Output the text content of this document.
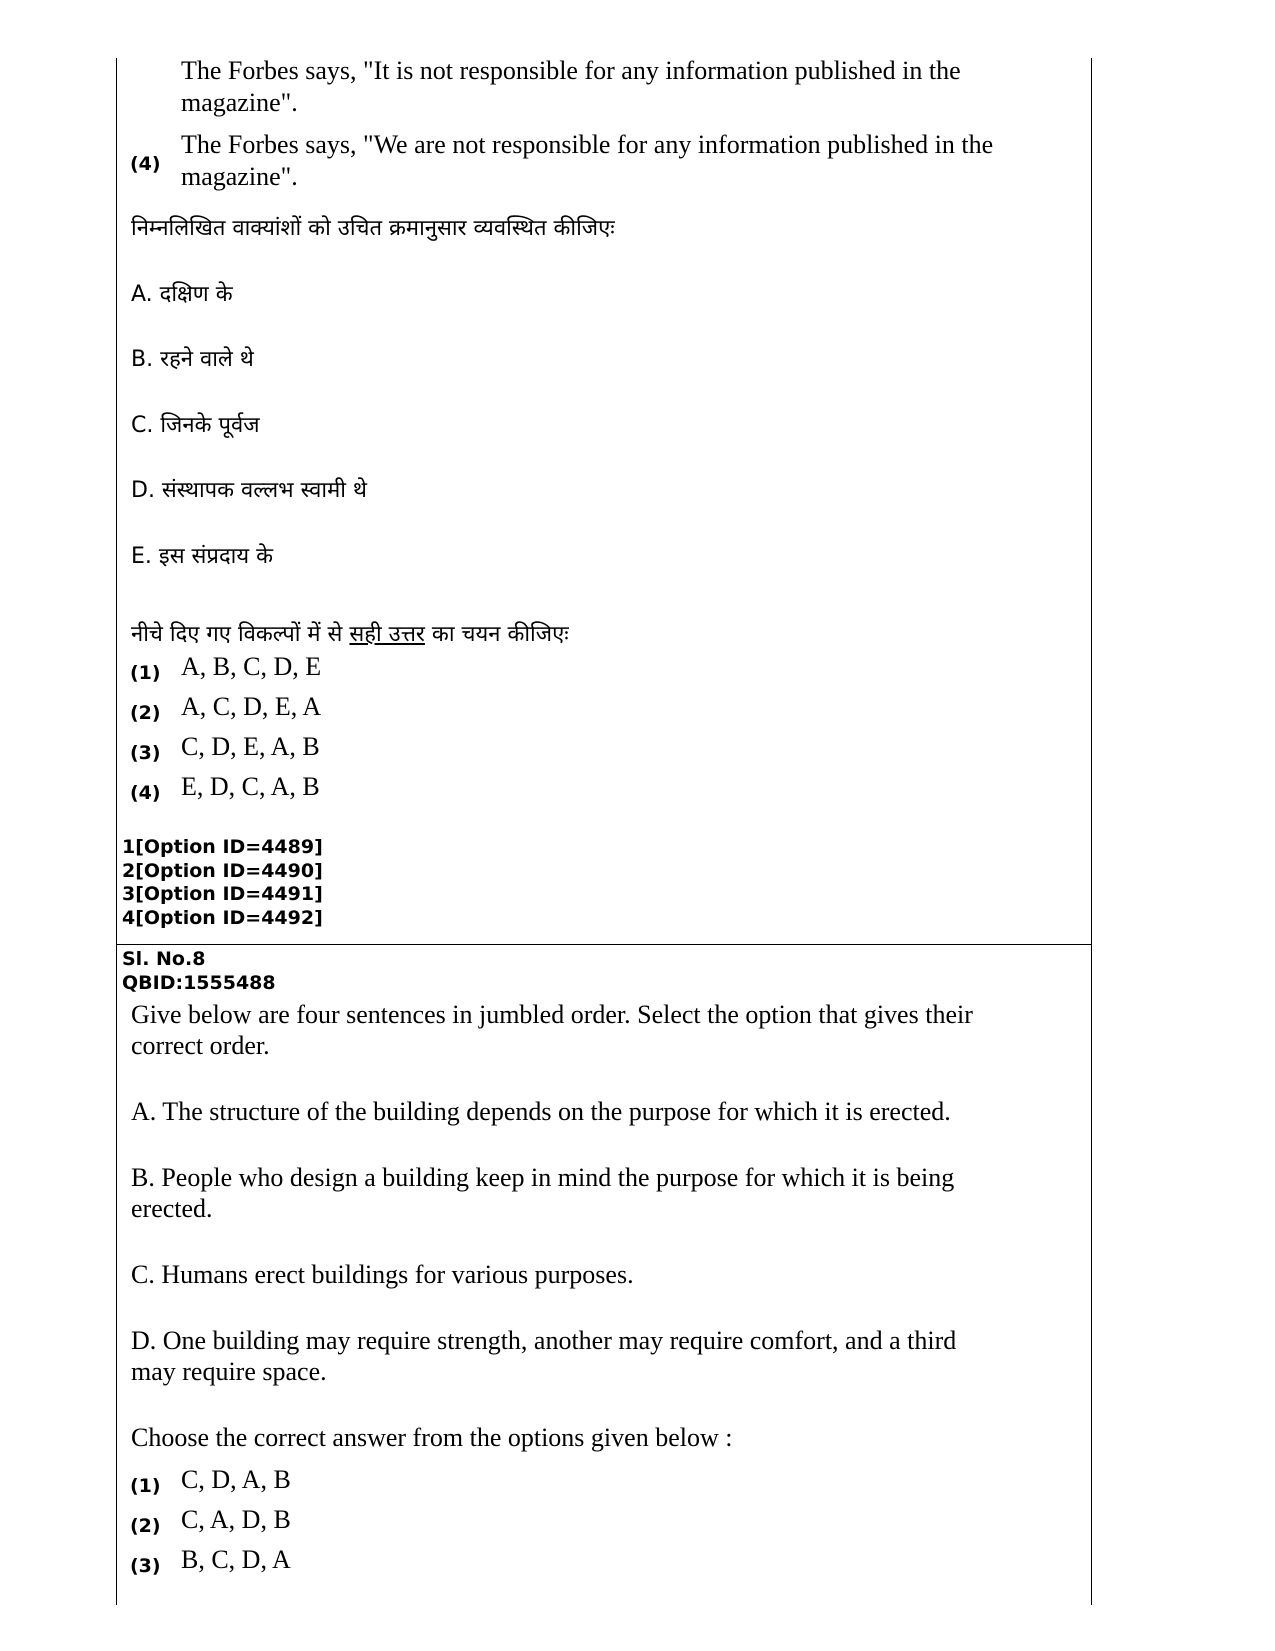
The Forbes says, "It is not responsible for any information published in the
magazine".
(4)
The Forbes says, "We are not responsible for any information published in the
magazine".
निम्नलिखित वाक्यांशों को उचित क्रमानुसार व्यवस्थित कीजिएः
A. दक्षिण के
B. रहने वाले थे
C. जिनके पूर्वज
D. संस्थापक वल्लभ स्वामी थे
E. इस संप्रदाय के
नीचे दिए गए विकल्पों में से सही उत्तर का चयन कीजिएः
(1) A, B, C, D, E
(2) A, C, D, E, A
(3) C, D, E, A, B
(4) E, D, C, A, B
1[Option ID=4489]
2[Option ID=4490]
3[Option ID=4491]
4[Option ID=4492]
Sl. No.8
QBID:1555488
Give below are four sentences in jumbled order. Select the option that gives their
correct order.
A. The structure of the building depends on the purpose for which it is erected.
B. People who design a building keep in mind the purpose for which it is being
erected.
C. Humans erect buildings for various purposes.
D. One building may require strength, another may require comfort, and a third
may require space.
Choose the correct answer from the options given below :
(1) C, D, A, B
(2) C, A, D, B
(3) B, C, D, A
